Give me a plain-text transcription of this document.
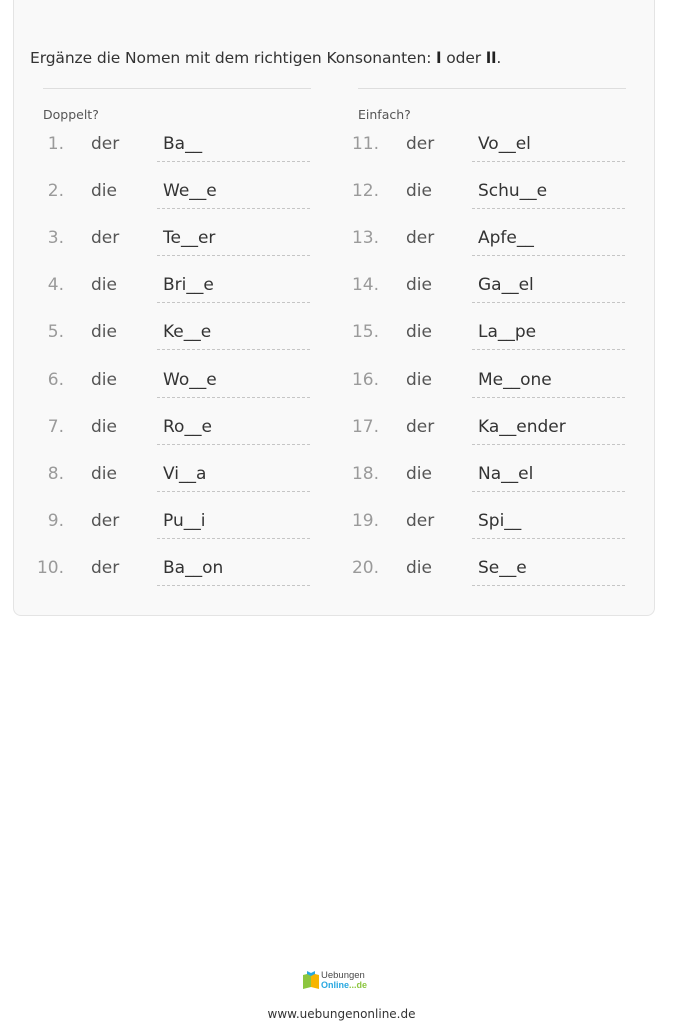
Ergänze die Nomen mit dem richtigen Konsonanten: l oder ll.

Doppelt?	Einfach?
1. der	Ba__
2. die	We__e
3. der	Te__er
4. die	Bri__e
5. die	Ke__e
6. die	Wo__e
7. die	Ro__e
8. die	Vi__a
9. der	Pu__i
10. der	Ba__on
11. der	Vo__el
12. die	Schu__e
13. der	Apfe__
14. die	Ga__el
15. die	La__pe
16. die	Me__one
17. der	Ka__ender
18. die	Na__el
19. der	Spi__
20. die	Se__e
Uebungen
Online...de
www.uebungenonline.de
